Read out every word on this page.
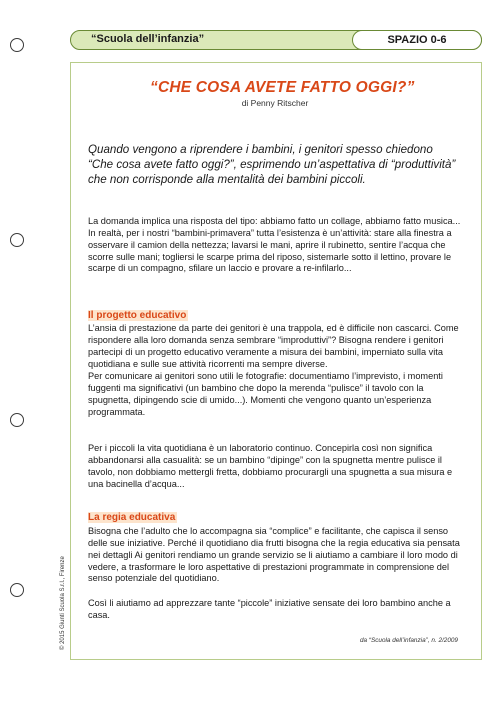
“Scuola dell’infanzia”	SPAZIO 0-6
“CHE COSA AVETE FATTO OGGI?”
di Penny Ritscher

Quando vengono a riprendere i bambini, i genitori spesso chiedono “Che cosa avete fatto oggi?”, esprimendo un’aspettativa di “produttività” che non corrisponde alla mentalità dei bambini piccoli.

La domanda implica una risposta del tipo: abbiamo fatto un collage, abbiamo fatto musica... In realtà, per i nostri “bambini-primavera” tutta l’esistenza è un’attività: stare alla finestra a osservare il camion della nettezza; lavarsi le mani, aprire il rubinetto, sentire l’acqua che scorre sulle mani; togliersi le scarpe prima del riposo, sistemarle sotto il lettino, provare le scarpe di un compagno, sfilare un laccio e provare a re-infilarlo...

Il progetto educativo

L’ansia di prestazione da parte dei genitori è una trappola, ed è difficile non cascarci. Come rispondere alla loro domanda senza sembrare “improduttivi”? Bisogna rendere i genitori partecipi di un progetto educativo veramente a misura dei bambini, imperniato sulla vita quotidiana e sulle sue attività ricorrenti ma sempre diverse.

Per comunicare ai genitori sono utili le fotografie: documentiamo l’imprevisto, i momenti fuggenti ma significativi (un bambino che dopo la merenda “pulisce” il tavolo con la spugnetta, dipingendo scie di umido...). Momenti che vengono quanto un’esperienza programmata.

Per i piccoli la vita quotidiana è un laboratorio continuo. Concepirla così non significa abbandonarsi alla casualità: se un bambino “dipinge” con la spugnetta mentre pulisce il tavolo, non dobbiamo mettergli fretta, dobbiamo procurargli una spugnetta a sua misura e una bacinella d’acqua...

La regia educativa

Bisogna che l’adulto che lo accompagna sia “complice” e facilitante, che capisca il senso delle sue iniziative. Perché il quotidiano dia frutti bisogna che la regia educativa sia pensata nei dettagli Ai genitori rendiamo un grande servizio se li aiutiamo a cambiare il loro modo di vedere, a trasformare le loro aspettative di prestazioni programmate in comprensione del senso potenziale del quotidiano.

Così li aiutiamo ad apprezzare tante “piccole” iniziative sensate dei loro bambino anche a casa.

da “Scuola dell’infanzia”, n. 2/2009
© 2015 Giunti Scuola S.r.l., Firenze
